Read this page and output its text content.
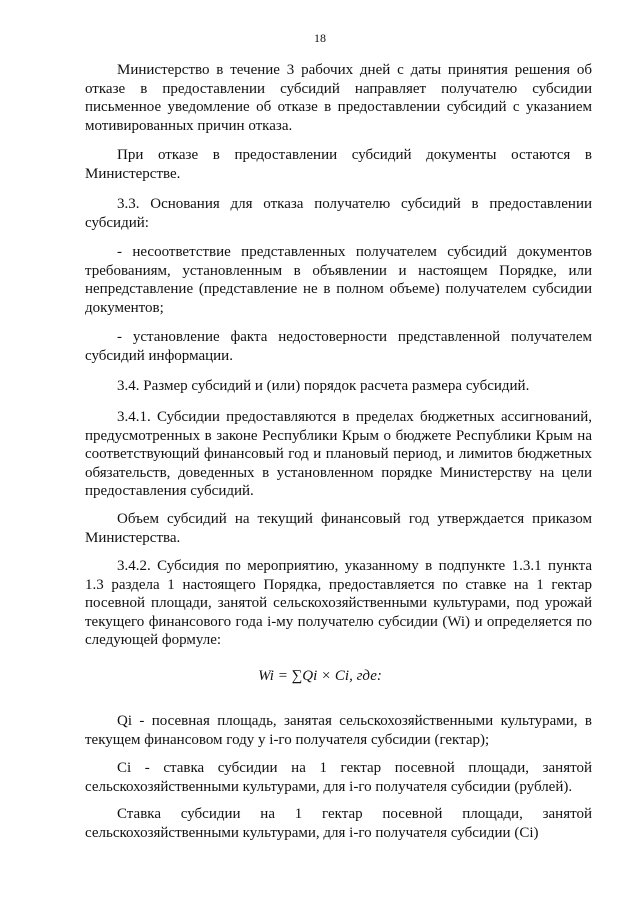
18

Министерство в течение 3 рабочих дней с даты принятия решения об отказе в предоставлении субсидий направляет получателю субсидии письменное уведомление об отказе в предоставлении субсидий с указанием мотивированных причин отказа.

При отказе в предоставлении субсидий документы остаются в Министерстве.

3.3. Основания для отказа получателю субсидий в предоставлении субсидий:

- несоответствие представленных получателем субсидий документов требованиям, установленным в объявлении и настоящем Порядке, или непредставление (представление не в полном объеме) получателем субсидии документов;

- установление факта недостоверности представленной получателем субсидий информации.

3.4. Размер субсидий и (или) порядок расчета размера субсидий.

3.4.1. Субсидии предоставляются в пределах бюджетных ассигнований, предусмотренных в законе Республики Крым о бюджете Республики Крым на соответствующий финансовый год и плановый период, и лимитов бюджетных обязательств, доведенных в установленном порядке Министерству на цели предоставления субсидий.

Объем субсидий на текущий финансовый год утверждается приказом Министерства.

3.4.2. Субсидия по мероприятию, указанному в подпункте 1.3.1 пункта 1.3 раздела 1 настоящего Порядка, предоставляется по ставке на 1 гектар посевной площади, занятой сельскохозяйственными культурами, под урожай текущего финансового года i-му получателю субсидии (Wi) и определяется по следующей формуле:

Wi = ∑Qi × Ci, где:

Qi - посевная площадь, занятая сельскохозяйственными культурами, в текущем финансовом году у i-го получателя субсидии (гектар);

Ci - ставка субсидии на 1 гектар посевной площади, занятой сельскохозяйственными культурами, для i-го получателя субсидии (рублей).

Ставка субсидии на 1 гектар посевной площади, занятой сельскохозяйственными культурами, для i-го получателя субсидии (Ci)
